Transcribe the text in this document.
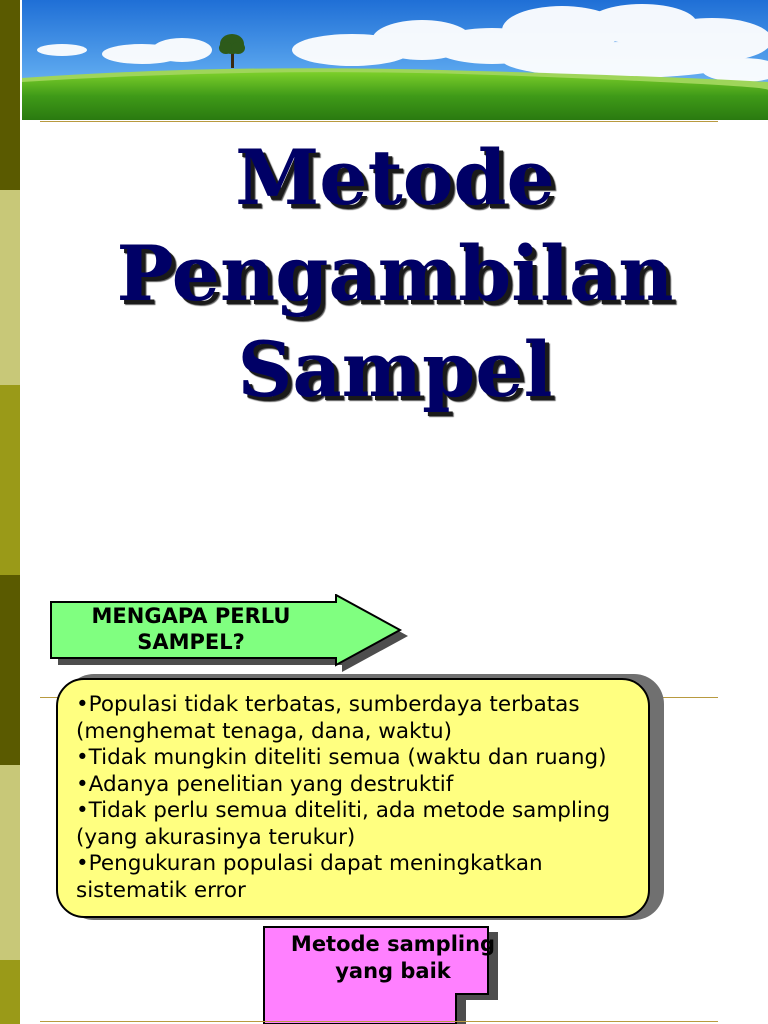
Metode
Pengambilan
Sampel
MENGAPA PERLU
SAMPEL?
•Populasi tidak terbatas, sumberdaya terbatas
(menghemat tenaga, dana, waktu)
•Tidak mungkin diteliti semua (waktu dan ruang)
•Adanya penelitian yang destruktif
•Tidak perlu semua diteliti, ada metode sampling
(yang akurasinya terukur)
•Pengukuran populasi dapat meningkatkan
sistematik error
Metode sampling
yang baik
